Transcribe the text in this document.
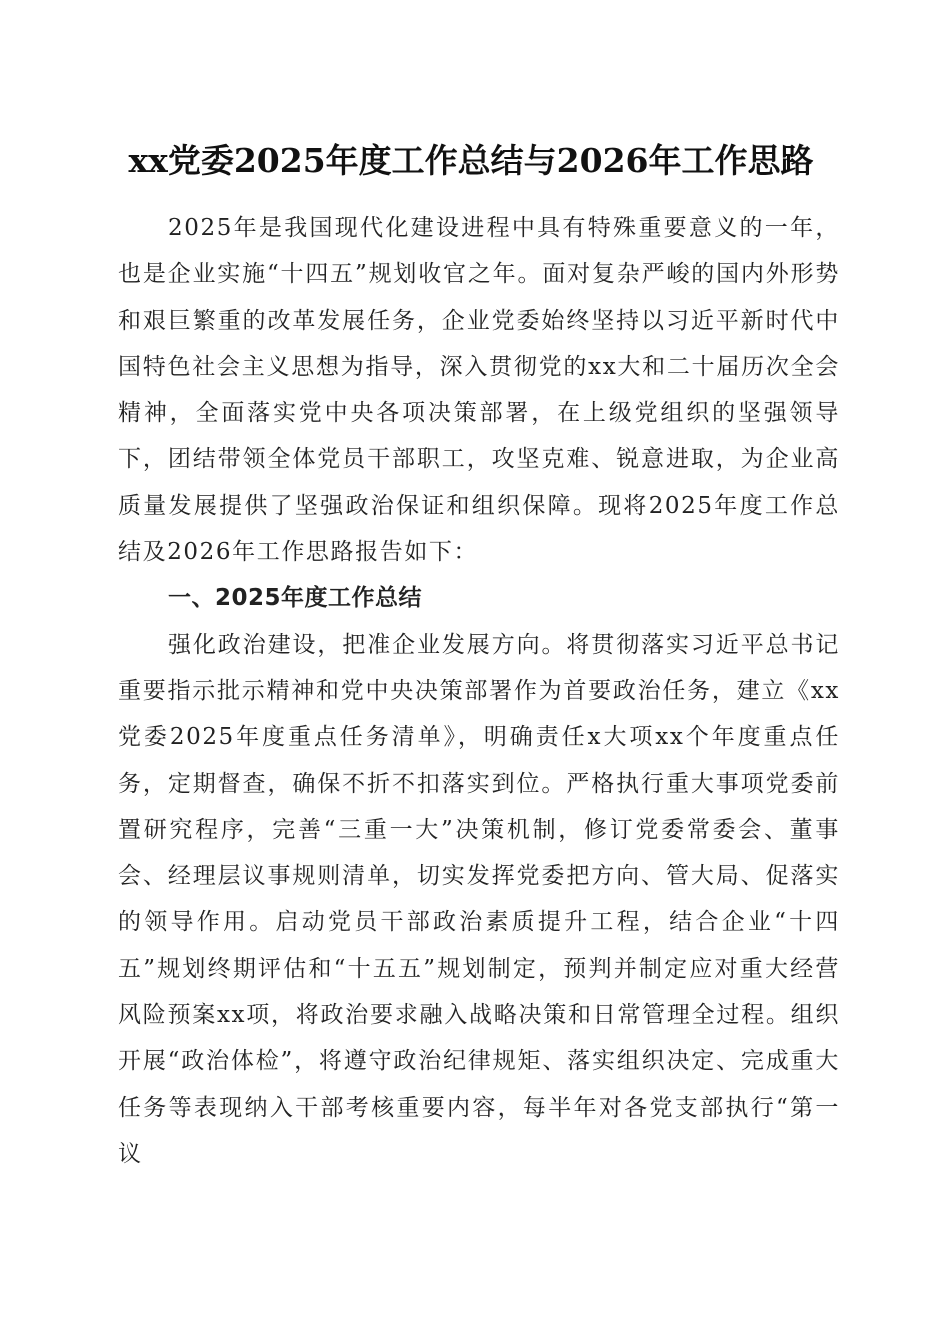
xx党委2025年度工作总结与2026年工作思路

2025年是我国现代化建设进程中具有特殊重要意义的一年，也是企业实施“十四五”规划收官之年。面对复杂严峻的国内外形势和艰巨繁重的改革发展任务，企业党委始终坚持以习近平新时代中国特色社会主义思想为指导，深入贯彻党的xx大和二十届历次全会精神，全面落实党中央各项决策部署，在上级党组织的坚强领导下，团结带领全体党员干部职工，攻坚克难、锐意进取，为企业高质量发展提供了坚强政治保证和组织保障。现将2025年度工作总结及2026年工作思路报告如下：

一、2025年度工作总结

强化政治建设，把准企业发展方向。将贯彻落实习近平总书记重要指示批示精神和党中央决策部署作为首要政治任务，建立《xx党委2025年度重点任务清单》，明确责任x大项xx个年度重点任务，定期督查，确保不折不扣落实到位。严格执行重大事项党委前置研究程序，完善“三重一大”决策机制，修订党委常委会、董事会、经理层议事规则清单，切实发挥党委把方向、管大局、促落实的领导作用。启动党员干部政治素质提升工程，结合企业“十四五”规划终期评估和“十五五”规划制定，预判并制定应对重大经营风险预案xx项，将政治要求融入战略决策和日常管理全过程。组织开展“政治体检”，将遵守政治纪律规矩、落实组织决定、完成重大任务等表现纳入干部考核重要内容，每半年对各党支部执行“第一议
